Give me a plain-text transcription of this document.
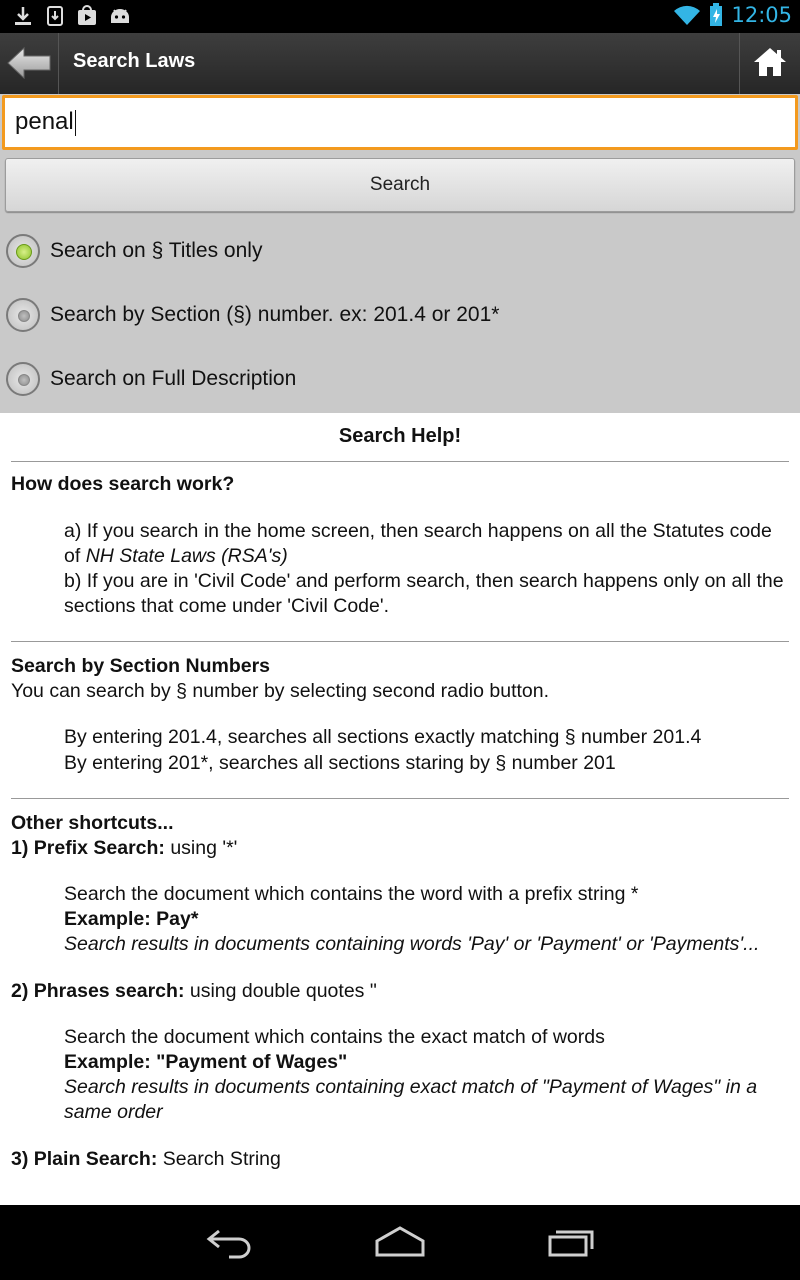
12:05
Search Laws
penal
Search
Search on § Titles only
Search by Section (§) number. ex: 201.4 or 201*
Search on Full Description
Search Help!
How does search work?
a) If you search in the home screen, then search happens on all the Statutes code of NH State Laws (RSA's)
b) If you are in 'Civil Code' and perform search, then search happens only on all the sections that come under 'Civil Code'.
Search by Section Numbers
You can search by § number by selecting second radio button.
By entering 201.4, searches all sections exactly matching § number 201.4
By entering 201*, searches all sections staring by § number 201
Other shortcuts...
1) Prefix Search: using '*'
Search the document which contains the word with a prefix string *
Example: Pay*
Search results in documents containing words 'Pay' or 'Payment' or 'Payments'...
2) Phrases search: using double quotes "
Search the document which contains the exact match of words
Example: "Payment of Wages"
Search results in documents containing exact match of "Payment of Wages" in a same order
3) Plain Search: Search String
